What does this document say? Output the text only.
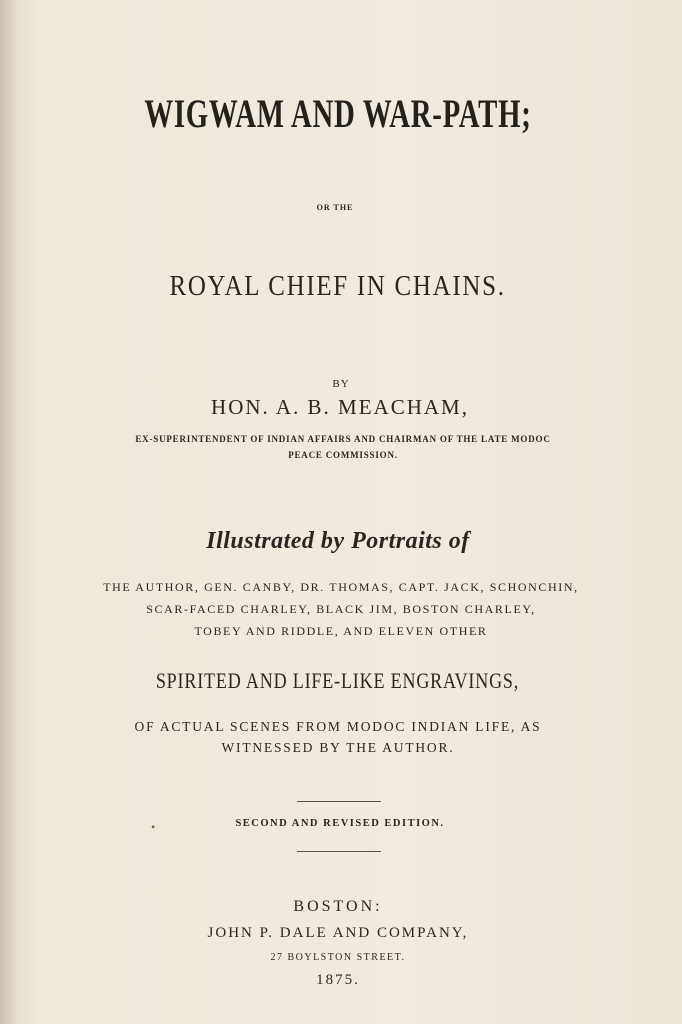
WIGWAM AND WAR-PATH;
OR THE
ROYAL CHIEF IN CHAINS.
BY
HON. A. B. MEACHAM,
EX-SUPERINTENDENT OF INDIAN AFFAIRS AND CHAIRMAN OF THE LATE MODOC
PEACE COMMISSION.
Illustrated by Portraits of
THE AUTHOR, GEN. CANBY, DR. THOMAS, CAPT. JACK, SCHONCHIN,
SCAR-FACED CHARLEY, BLACK JIM, BOSTON CHARLEY,
TOBEY AND RIDDLE, AND ELEVEN OTHER
SPIRITED AND LIFE-LIKE ENGRAVINGS,
OF ACTUAL SCENES FROM MODOC INDIAN LIFE, AS
WITNESSED BY THE AUTHOR.
SECOND AND REVISED EDITION.
•
BOSTON:
JOHN P. DALE AND COMPANY,
27 BOYLSTON STREET.
1875.
